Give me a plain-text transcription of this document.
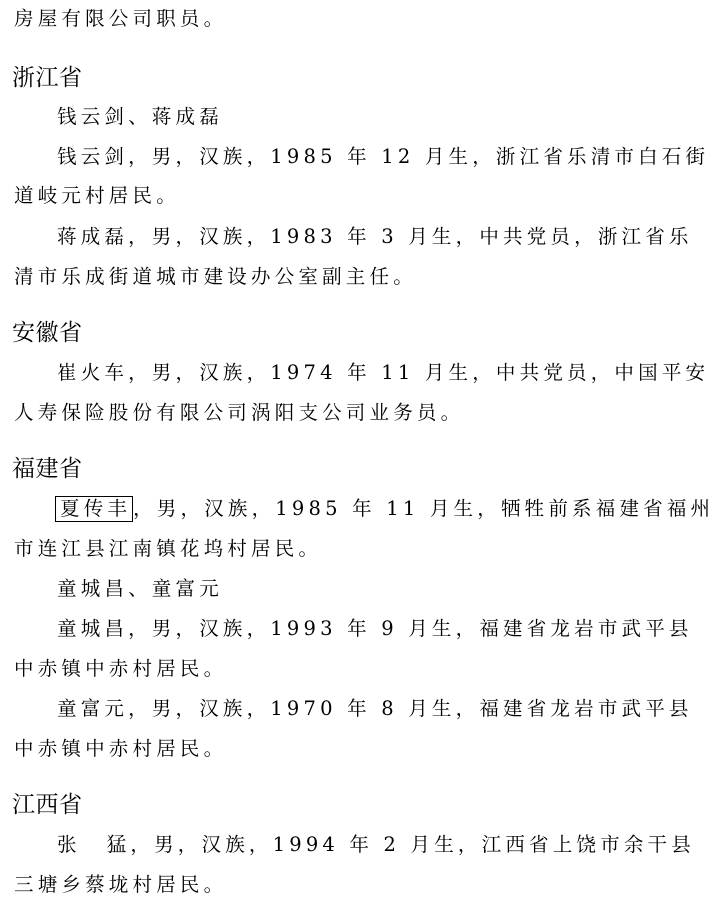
房屋有限公司职员。
浙江省
钱云剑、蒋成磊
钱云剑，男，汉族，1985 年 12 月生，浙江省乐清市白石街
道岐元村居民。
蒋成磊，男，汉族，1983 年 3 月生，中共党员，浙江省乐
清市乐成街道城市建设办公室副主任。
安徽省
崔火车，男，汉族，1974 年 11 月生，中共党员，中国平安
人寿保险股份有限公司涡阳支公司业务员。
福建省
夏传丰 ，男，汉族，1985 年 11 月生，牺牲前系福建省福州
市连江县江南镇花坞村居民。
童城昌、童富元
童城昌，男，汉族，1993 年 9 月生，福建省龙岩市武平县
中赤镇中赤村居民。
童富元，男，汉族，1970 年 8 月生，福建省龙岩市武平县
中赤镇中赤村居民。
江西省
张 猛，男，汉族，1994 年 2 月生，江西省上饶市余干县
三塘乡蔡垅村居民。
